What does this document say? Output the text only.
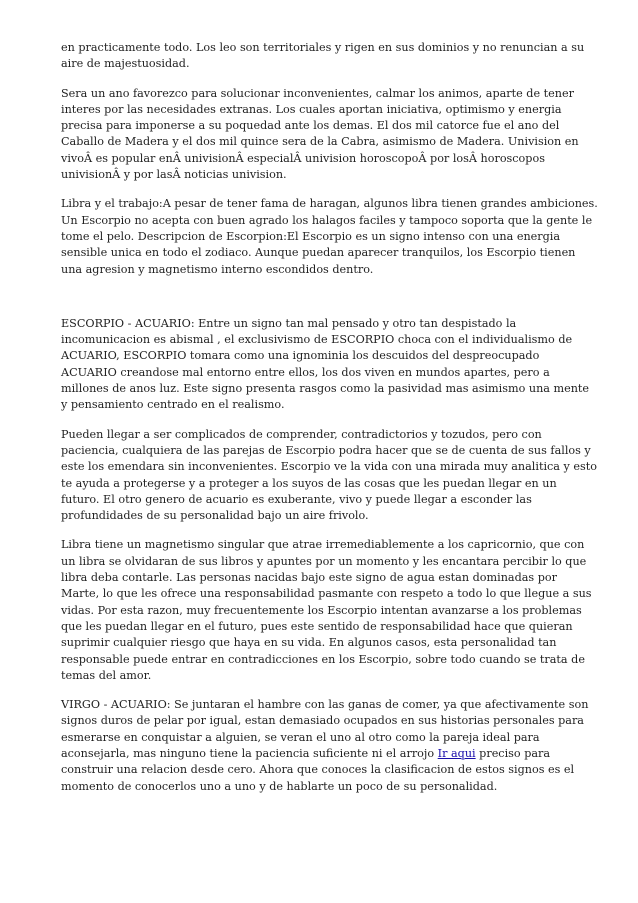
en practicamente todo. Los leo son territoriales y rigen en sus dominios y no renuncian a su aire de majestuosidad.

Sera un ano favorezco para solucionar inconvenientes, calmar los animos, aparte de tener interes por las necesidades extranas. Los cuales aportan iniciativa, optimismo y energia precisa para imponerse a su poquedad ante los demas. El dos mil catorce fue el ano del Caballo de Madera y el dos mil quince sera de la Cabra, asimismo de Madera. Univision en vivoÂ es popular enÂ univisionÂ especialÂ univision horoscopoÂ por losÂ horoscopos univisionÂ y por lasÂ noticias univision.

Libra y el trabajo:A pesar de tener fama de haragan, algunos libra tienen grandes ambiciones. Un Escorpio no acepta con buen agrado los halagos faciles y tampoco soporta que la gente le tome el pelo. Descripcion de Escorpion:El Escorpio es un signo intenso con una energia sensible unica en todo el zodiaco. Aunque puedan aparecer tranquilos, los Escorpio tienen una agresion y magnetismo interno escondidos dentro.

ESCORPIO - ACUARIO: Entre un signo tan mal pensado y otro tan despistado la incomunicacion es abismal , el exclusivismo de ESCORPIO choca con el individualismo de ACUARIO, ESCORPIO tomara como una ignominia los descuidos del despreocupado ACUARIO creandose mal entorno entre ellos, los dos viven en mundos apartes, pero a millones de anos luz. Este signo presenta rasgos como la pasividad mas asimismo una mente y pensamiento centrado en el realismo.

Pueden llegar a ser complicados de comprender, contradictorios y tozudos, pero con paciencia, cualquiera de las parejas de Escorpio podra hacer que se de cuenta de sus fallos y este los emendara sin inconvenientes. Escorpio ve la vida con una mirada muy analitica y esto te ayuda a protegerse y a proteger a los suyos de las cosas que les puedan llegar en un futuro. El otro genero de acuario es exuberante, vivo y puede llegar a esconder las profundidades de su personalidad bajo un aire frivolo.

Libra tiene un magnetismo singular que atrae irremediablemente a los capricornio, que con un libra se olvidaran de sus libros y apuntes por un momento y les encantara percibir lo que libra deba contarle. Las personas nacidas bajo este signo de agua estan dominadas por Marte, lo que les ofrece una responsabilidad pasmante con respeto a todo lo que llegue a sus vidas. Por esta razon, muy frecuentemente los Escorpio intentan avanzarse a los problemas que les puedan llegar en el futuro, pues este sentido de responsabilidad hace que quieran suprimir cualquier riesgo que haya en su vida. En algunos casos, esta personalidad tan responsable puede entrar en contradicciones en los Escorpio, sobre todo cuando se trata de temas del amor.

VIRGO - ACUARIO: Se juntaran el hambre con las ganas de comer, ya que afectivamente son signos duros de pelar por igual, estan demasiado ocupados en sus historias personales para esmerarse en conquistar a alguien, se veran el uno al otro como la pareja ideal para aconsejarla, mas ninguno tiene la paciencia suficiente ni el arrojo Ir aqui preciso para construir una relacion desde cero. Ahora que conoces la clasificacion de estos signos es el momento de conocerlos uno a uno y de hablarte un poco de su personalidad.
